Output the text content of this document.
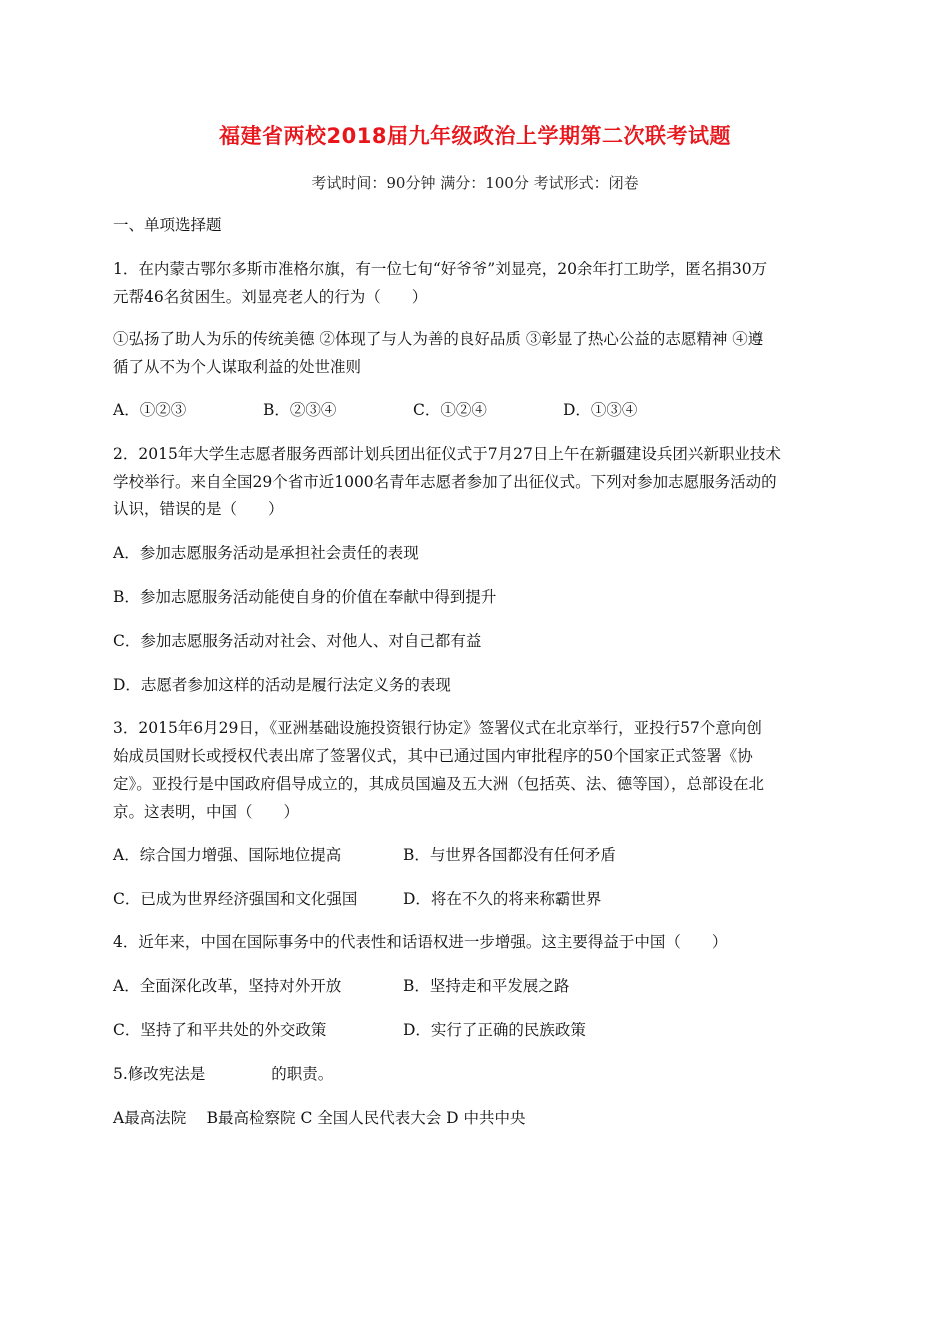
福建省两校2018届九年级政治上学期第二次联考试题
考试时间：90分钟 满分：100分 考试形式：闭卷
一、单项选择题
1．在内蒙古鄂尔多斯市准格尔旗，有一位七旬“好爷爷”刘显亮，20余年打工助学，匿名捐30万
元帮46名贫困生。刘显亮老人的行为（　　）
①弘扬了助人为乐的传统美德 ②体现了与人为善的良好品质 ③彰显了热心公益的志愿精神 ④遵
循了从不为个人谋取利益的处世准则
A．①②③	B．②③④	C．①②④	D．①③④
2．2015年大学生志愿者服务西部计划兵团出征仪式于7月27日上午在新疆建设兵团兴新职业技术
学校举行。来自全国29个省市近1000名青年志愿者参加了出征仪式。下列对参加志愿服务活动的
认识，错误的是（　　）
A．参加志愿服务活动是承担社会责任的表现
B．参加志愿服务活动能使自身的价值在奉献中得到提升
C．参加志愿服务活动对社会、对他人、对自己都有益
D．志愿者参加这样的活动是履行法定义务的表现
3．2015年6月29日，《亚洲基础设施投资银行协定》签署仪式在北京举行，亚投行57个意向创
始成员国财长或授权代表出席了签署仪式，其中已通过国内审批程序的50个国家正式签署《协
定》。亚投行是中国政府倡导成立的，其成员国遍及五大洲（包括英、法、德等国），总部设在北
京。这表明，中国（　　）
A．综合国力增强、国际地位提高	B．与世界各国都没有任何矛盾
C．已成为世界经济强国和文化强国	D．将在不久的将来称霸世界
4．近年来，中国在国际事务中的代表性和话语权进一步增强。这主要得益于中国（　　）
A．全面深化改革，坚持对外开放	B．坚持走和平发展之路
C．坚持了和平共处的外交政策	D．实行了正确的民族政策
5.修改宪法是	的职责。
A最高法院　 B最高检察院 C 全国人民代表大会 D 中共中央
